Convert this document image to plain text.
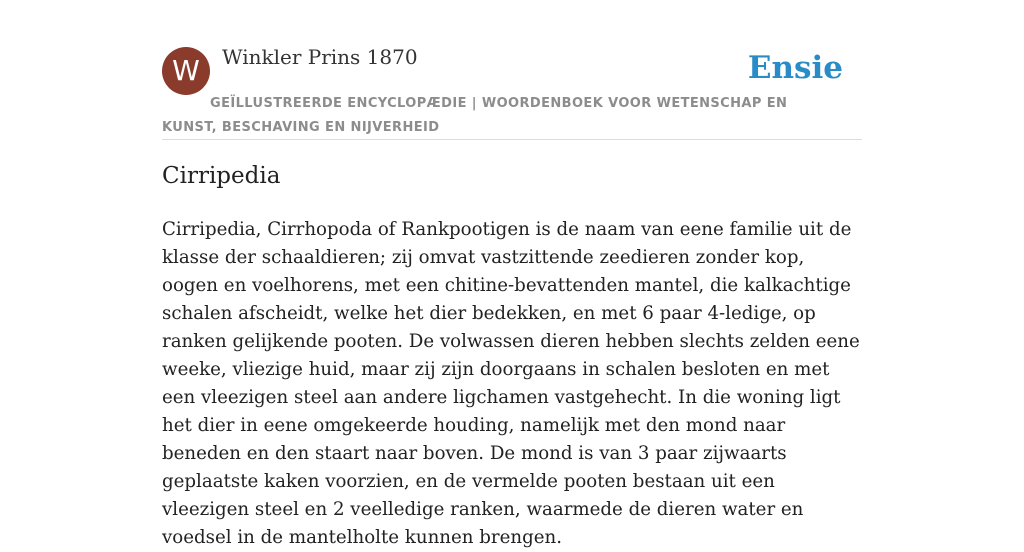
W	Winkler Prins 1870	Ensie
GEÏLLUSTREERDE ENCYCLOPÆDIE | WOORDENBOEK VOOR WETENSCHAP EN KUNST, BESCHAVING EN NIJVERHEID
Cirripedia

Cirripedia, Cirrhopoda of Rankpootigen is de naam van eene familie uit de klasse der schaaldieren; zij omvat vastzittende zeedieren zonder kop, oogen en voelhorens, met een chitine-bevattenden mantel, die kalkachtige schalen afscheidt, welke het dier bedekken, en met 6 paar 4-ledige, op ranken gelijkende pooten. De volwassen dieren hebben slechts zelden eene weeke, vliezige huid, maar zij zijn doorgaans in schalen besloten en met een vleezigen steel aan andere ligchamen vastgehecht. In die woning ligt het dier in eene omgekeerde houding, namelijk met den mond naar beneden en den staart naar boven. De mond is van 3 paar zijwaarts geplaatste kaken voorzien, en de vermelde pooten bestaan uit een vleezigen steel en 2 veelledige ranken, waarmede de dieren water en voedsel in de mantelholte kunnen brengen.
